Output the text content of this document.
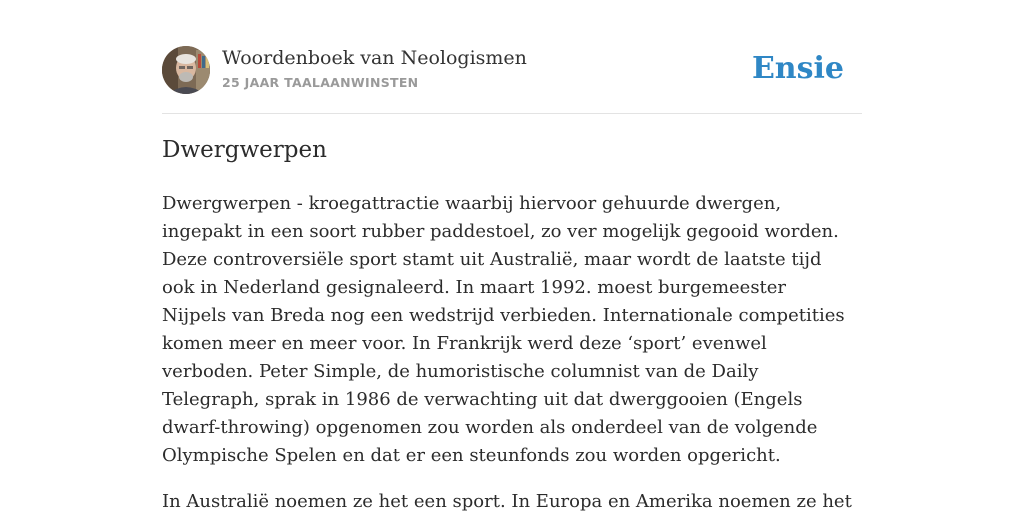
Woordenboek van Neologismen
25 JAAR TAALAANWINSTEN	Ensie
Dwergwerpen

Dwergwerpen - kroegattractie waarbij hiervoor gehuurde dwergen, ingepakt in een soort rubber paddestoel, zo ver mogelijk gegooid worden. Deze controversiële sport stamt uit Australië, maar wordt de laatste tijd ook in Nederland gesignaleerd. In maart 1992. moest burgemeester Nijpels van Breda nog een wedstrijd verbieden. Internationale competities komen meer en meer voor. In Frankrijk werd deze ‘sport’ evenwel verboden. Peter Simple, de humoristische columnist van de Daily Telegraph, sprak in 1986 de verwachting uit dat dwerggooien (Engels dwarf-throwing) opgenomen zou worden als onderdeel van de volgende Olympische Spelen en dat er een steunfonds zou worden opgericht.

In Australië noemen ze het een sport. In Europa en Amerika noemen ze het
